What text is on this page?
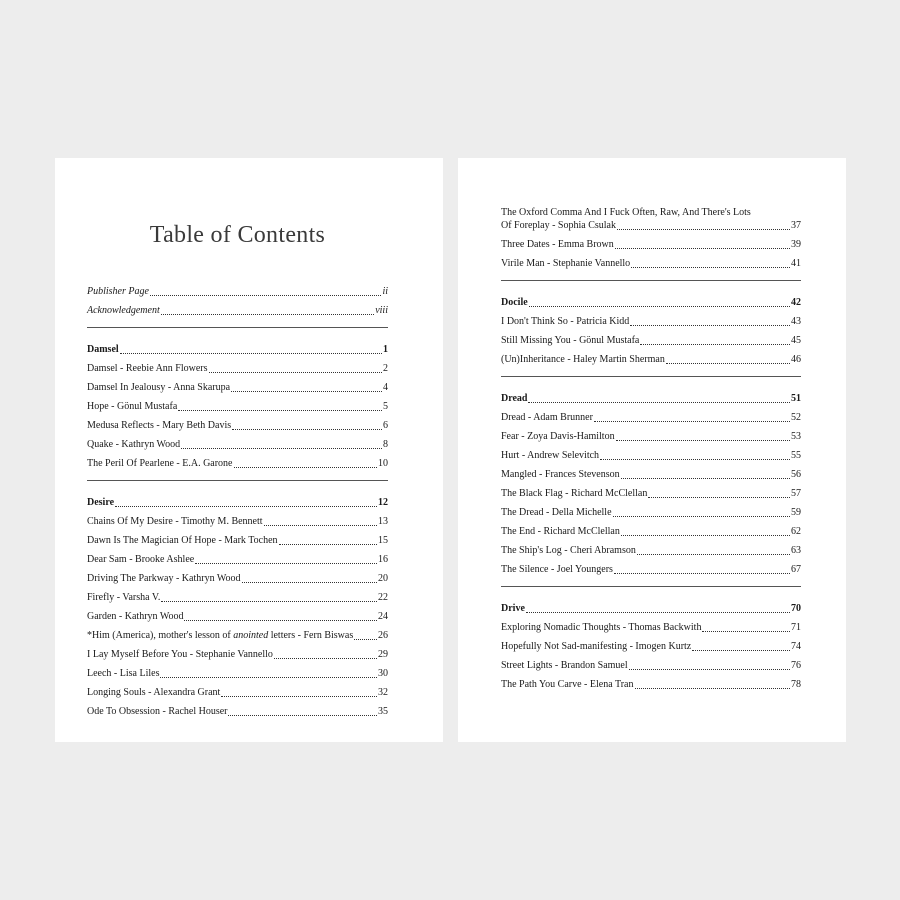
Table of Contents
Publisher Page	ii
Acknowledgement	viii
Damsel	1
Damsel - Reebie Ann Flowers	2
Damsel In Jealousy - Anna Skarupa	4
Hope - Gönul Mustafa	5
Medusa Reflects - Mary Beth Davis	6
Quake - Kathryn Wood	8
The Peril Of Pearlene - E.A. Garone	10
Desire	12
Chains Of My Desire - Timothy M. Bennett	13
Dawn Is The Magician Of Hope - Mark Tochen	15
Dear Sam - Brooke Ashlee	16
Driving The Parkway - Kathryn Wood	20
Firefly - Varsha V.	22
Garden - Kathryn Wood	24
*Him (America), mother's lesson of anointed letters - Fern Biswas 26
I Lay Myself Before You - Stephanie Vannello	29
Leech - Lisa Liles	30
Longing Souls - Alexandra Grant	32
Ode To Obsession - Rachel Houser	35
The Oxford Comma And I Fuck Often, Raw, And There's Lots
Of Foreplay - Sophia Csulak	37
Three Dates - Emma Brown	39
Virile Man - Stephanie Vannello	41
Docile	42
I Don't Think So - Patricia Kidd	43
Still Missing You - Gönul Mustafa	45
(Un)Inheritance - Haley Martin Sherman	46
Dread	51
Dread - Adam Brunner	52
Fear - Zoya Davis-Hamilton	53
Hurt - Andrew Selevitch	55
Mangled - Frances Stevenson	56
The Black Flag - Richard McClellan	57
The Dread - Della Michelle	59
The End - Richard McClellan	62
The Ship's Log - Cheri Abramson	63
The Silence - Joel Youngers	67
Drive	70
Exploring Nomadic Thoughts - Thomas Backwith	71
Hopefully Not Sad-manifesting - Imogen Kurtz	74
Street Lights - Brandon Samuel	76
The Path You Carve - Elena Tran	78
